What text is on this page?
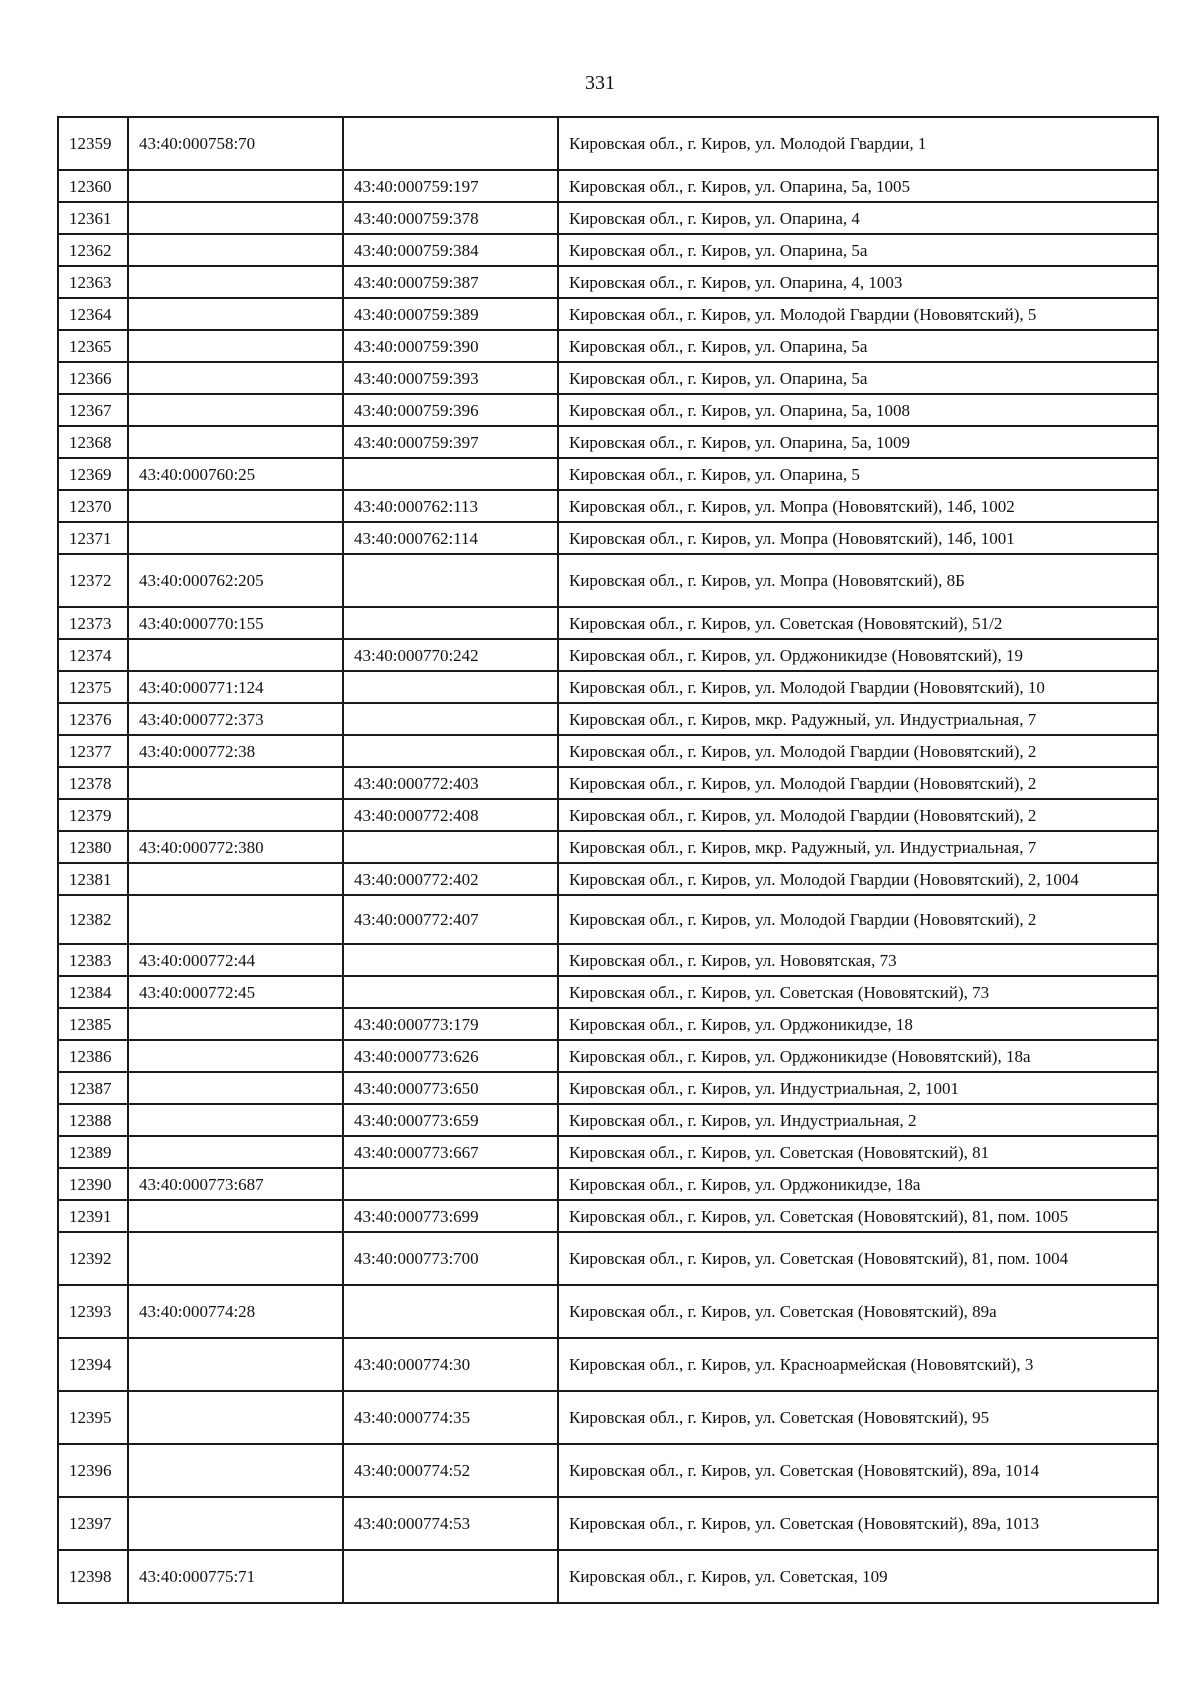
331
12359	43:40:000758:70		Кировская обл., г. Киров, ул. Молодой Гвардии, 1
12360		43:40:000759:197	Кировская обл., г. Киров, ул. Опарина, 5а, 1005
12361		43:40:000759:378	Кировская обл., г. Киров, ул. Опарина, 4
12362		43:40:000759:384	Кировская обл., г. Киров, ул. Опарина, 5а
12363		43:40:000759:387	Кировская обл., г. Киров, ул. Опарина, 4, 1003
12364		43:40:000759:389	Кировская обл., г. Киров, ул. Молодой Гвардии (Нововятский), 5
12365		43:40:000759:390	Кировская обл., г. Киров, ул. Опарина, 5а
12366		43:40:000759:393	Кировская обл., г. Киров, ул. Опарина, 5а
12367		43:40:000759:396	Кировская обл., г. Киров, ул. Опарина, 5а, 1008
12368		43:40:000759:397	Кировская обл., г. Киров, ул. Опарина, 5а, 1009
12369	43:40:000760:25		Кировская обл., г. Киров, ул. Опарина, 5
12370		43:40:000762:113	Кировская обл., г. Киров, ул. Мопра (Нововятский), 14б, 1002
12371		43:40:000762:114	Кировская обл., г. Киров, ул. Мопра (Нововятский), 14б, 1001
12372	43:40:000762:205		Кировская обл., г. Киров, ул. Мопра (Нововятский), 8Б
12373	43:40:000770:155		Кировская обл., г. Киров, ул. Советская (Нововятский), 51/2
12374		43:40:000770:242	Кировская обл., г. Киров, ул. Орджоникидзе (Нововятский), 19
12375	43:40:000771:124		Кировская обл., г. Киров, ул. Молодой Гвардии (Нововятский), 10
12376	43:40:000772:373		Кировская обл., г. Киров, мкр. Радужный, ул. Индустриальная, 7
12377	43:40:000772:38		Кировская обл., г. Киров, ул. Молодой Гвардии (Нововятский), 2
12378		43:40:000772:403	Кировская обл., г. Киров, ул. Молодой Гвардии (Нововятский), 2
12379		43:40:000772:408	Кировская обл., г. Киров, ул. Молодой Гвардии (Нововятский), 2
12380	43:40:000772:380		Кировская обл., г. Киров, мкр. Радужный, ул. Индустриальная, 7
12381		43:40:000772:402	Кировская обл., г. Киров, ул. Молодой Гвардии (Нововятский), 2, 1004
12382		43:40:000772:407	Кировская обл., г. Киров, ул. Молодой Гвардии (Нововятский), 2
12383	43:40:000772:44		Кировская обл., г. Киров, ул. Нововятская, 73
12384	43:40:000772:45		Кировская обл., г. Киров, ул. Советская (Нововятский), 73
12385		43:40:000773:179	Кировская обл., г. Киров, ул. Орджоникидзе, 18
12386		43:40:000773:626	Кировская обл., г. Киров, ул. Орджоникидзе (Нововятский), 18а
12387		43:40:000773:650	Кировская обл., г. Киров, ул. Индустриальная, 2, 1001
12388		43:40:000773:659	Кировская обл., г. Киров, ул. Индустриальная, 2
12389		43:40:000773:667	Кировская обл., г. Киров, ул. Советская (Нововятский), 81
12390	43:40:000773:687		Кировская обл., г. Киров, ул. Орджоникидзе, 18а
12391		43:40:000773:699	Кировская обл., г. Киров, ул. Советская (Нововятский), 81, пом. 1005
12392		43:40:000773:700	Кировская обл., г. Киров, ул. Советская (Нововятский), 81, пом. 1004
12393	43:40:000774:28		Кировская обл., г. Киров, ул. Советская (Нововятский), 89а
12394		43:40:000774:30	Кировская обл., г. Киров, ул. Красноармейская (Нововятский), 3
12395		43:40:000774:35	Кировская обл., г. Киров, ул. Советская (Нововятский), 95
12396		43:40:000774:52	Кировская обл., г. Киров, ул. Советская (Нововятский), 89а, 1014
12397		43:40:000774:53	Кировская обл., г. Киров, ул. Советская (Нововятский), 89а, 1013
12398	43:40:000775:71		Кировская обл., г. Киров, ул. Советская, 109
